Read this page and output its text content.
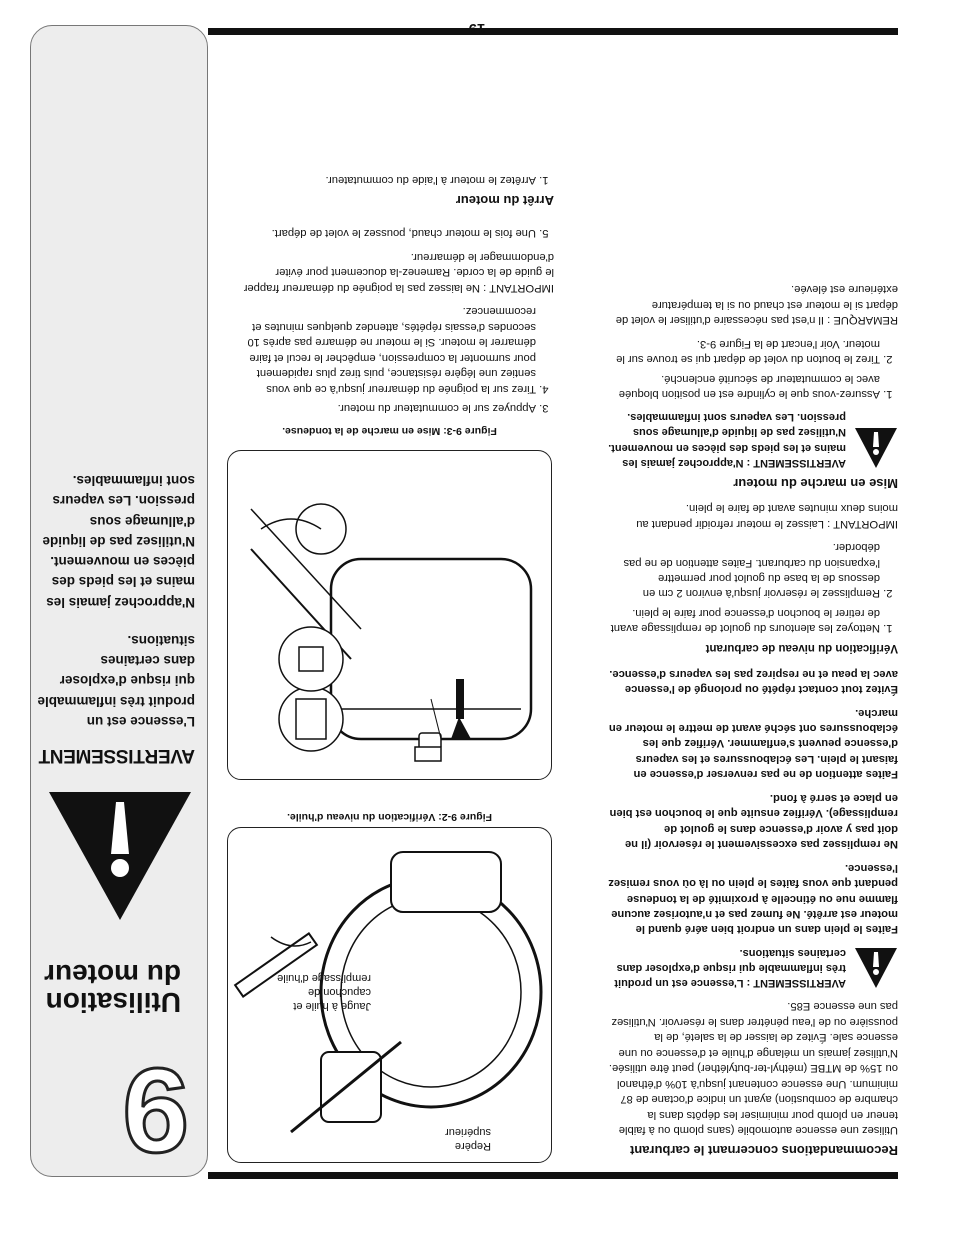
19
9
Utilisation du moteur
AVERTISSEMENT

L'essence est un produit très inflammable qui risque d'exploser dans certaines situations.

N'approchez jamais les mains et les pieds des pièces en mouvement. N'utilisez pas de liquide d'allumage sous pression. Les vapeurs sont inflammables.

Recommandations concernant le carburant

Utilisez une essence automobile (sans plomb ou à faible teneur en plomb pour minimiser les dépôts dans la chambre de combustion) ayant un indice d'octane de 87 minimum. Une essence contenant jusqu'à 10% d'éthanol ou 15% de MTBE (méthyl-ter-butyléther) peut être utilisée. N'utilisez jamais un mélange d'huile et d'essence ou une essence sale. Évitez de laisser de la saleté, de la poussière ou de l'eau pénétrer dans le réservoir. N'utilisez pas une essence E85.

AVERTISSEMENT : L'essence est un produit très inflammable qui risque d'exploser dans certaines situations.

Faites le plein dans un endroit bien aéré quand le moteur est arrêté. Ne fumez pas et n'autorisez aucune flamme nue ou étincelle à proximité de la tondeuse pendant que vous faites le plein ou là où vous remisez l'essence.

Ne remplissez pas excessivement le réservoir (il ne doit pas y avoir d'essence dans le goulot de remplissage). Vérifiez ensuite que le bouchon est bien en place et serré à fond.

Faites attention de ne pas renverser d'essence en faisant le plein. Les éclaboussures et les vapeurs d'essence peuvent s'enflammer. Vérifiez que les éclaboussures ont séché avant de mettre le moteur en marche.

Évitez tout contact répété ou prolongé de l'essence avec la peau et ne respirez pas les vapeurs d'essence.

Vérification du niveau de carburant
1. Nettoyez les alentours du goulot de remplissage avant de retirer le bouchon d'essence pour faire le plein.
2. Remplissez le réservoir jusqu'à environ 2 cm en dessous de la base du goulot pour permettre l'expansion du carburant. Faites attention de ne pas déborder.

IMPORTANT : Laissez le moteur refroidir pendant au moins deux minutes avant de faire le plein.

Mise en marche du moteur
AVERTISSEMENT : N'approchez jamais les mains et les pieds des pièces en mouvement. N'utilisez pas de liquide d'allumage sous pression. Les vapeurs sont inflammables.
1. Assurez-vous que le cylindre est en position bloquée avec le commutateur de sécurité enclenché.
2. Tirez le bouton du volet de départ qui se trouve sur le moteur. Voir l'encart de la Figure 9-3.

REMARQUE : Il n'est pas nécessaire d'utiliser le volet de départ si le moteur est chaud ou si la température extérieure est élevée.

Jauge à huile et capuchon de remplissage d'huile
Repère supérieur
Figure 9-2: Vérification du niveau d'huile.
Figure 9-3: Mise en marche de la tondeuse.
3. Appuyez sur le commutateur du moteur.
4. Tirez sur la poignée du démarreur jusqu'à ce que vous sentiez une légère résistance, puis tirez plus rapidement pour surmonter la compression, empêcher le recul et faire démarrer le moteur. Si le moteur ne démarre pas après 10 secondes d'essais répétés, attendez quelques minutes et recommencez.

IMPORTANT : Ne laissez pas la poignée du démarreur frapper le guide de la corde. Ramenez-la doucement pour éviter d'endommager le démarreur.

5. Une fois le moteur chaud, poussez le volet de départ.
Arrêt du moteur
1. Arrêtez le moteur à l'aide du commutateur.
